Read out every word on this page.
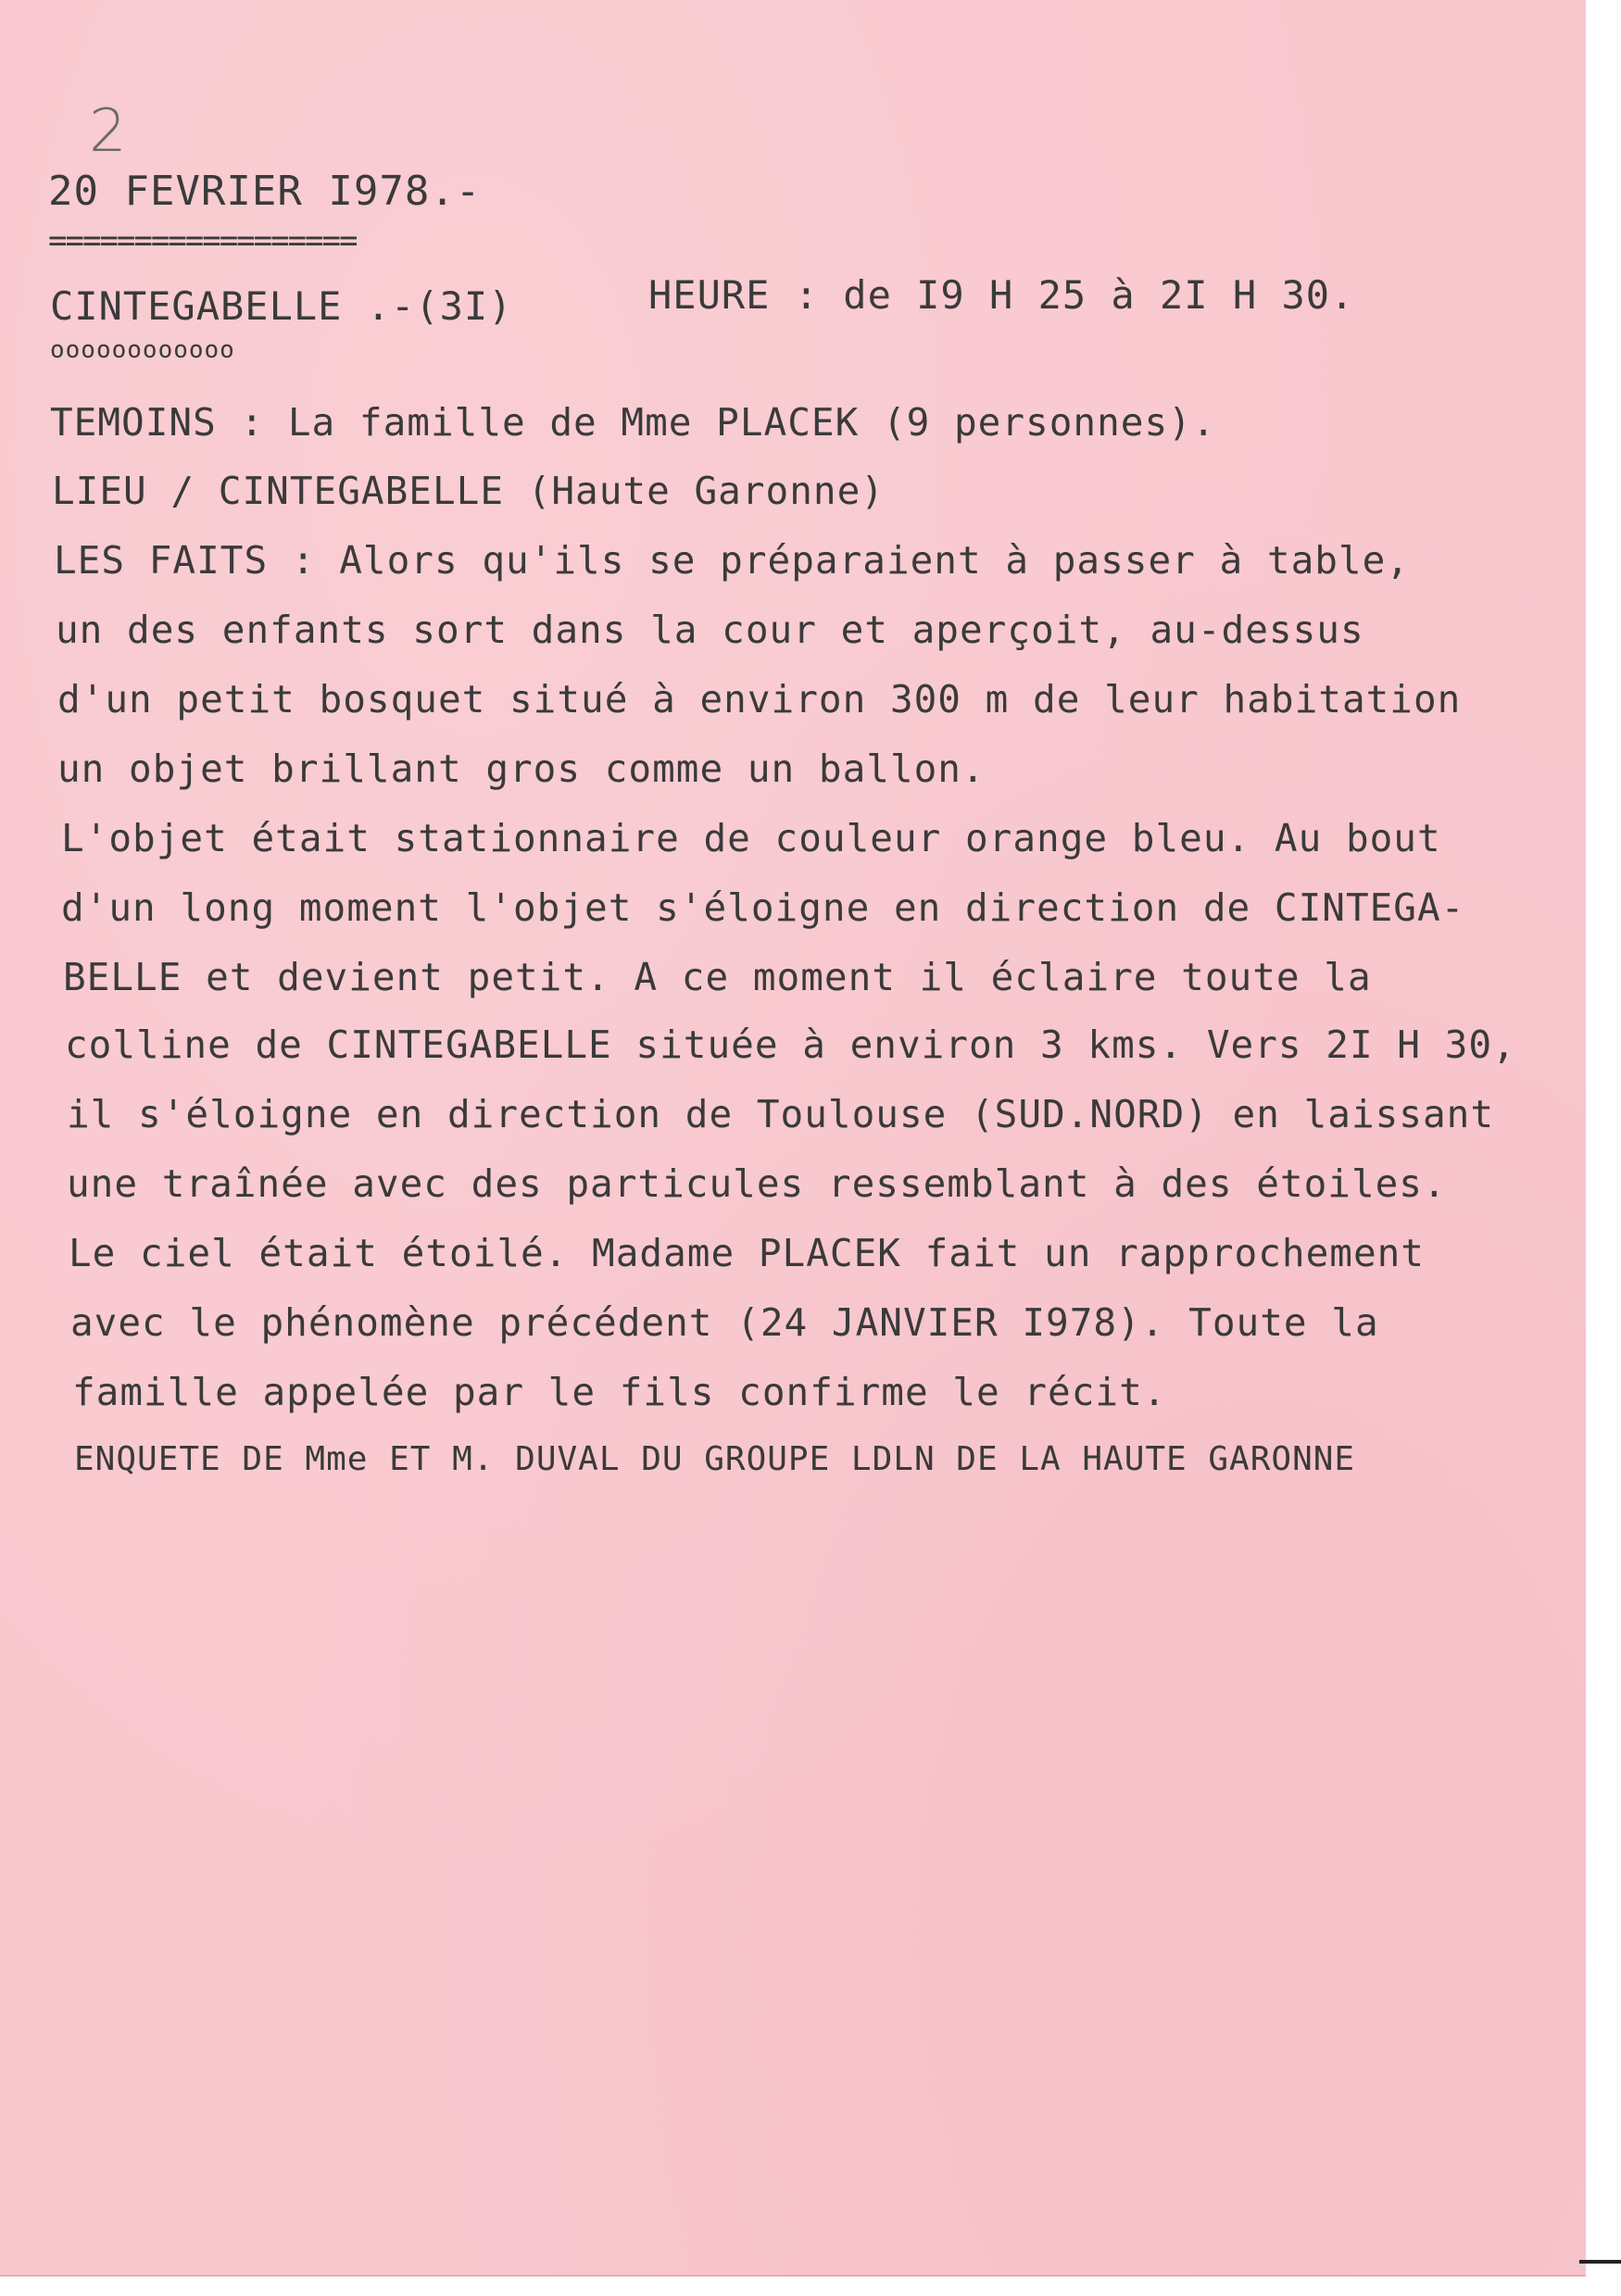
2

20 FEVRIER I978.-

==================

CINTEGABELLE .-(3I)	HEURE : de I9 H 25 à 2I H 30.

oooooooooooo

TEMOINS : La famille de Mme PLACEK (9 personnes).

LIEU / CINTEGABELLE (Haute Garonne)

LES FAITS : Alors qu'ils se préparaient à passer à table,

un des enfants sort dans la cour et aperçoit, au-dessus

d'un petit bosquet situé à environ 300 m de leur habitation

un objet brillant gros comme un ballon.

L'objet était stationnaire de couleur orange bleu. Au bout

d'un long moment l'objet s'éloigne en direction de CINTEGA-

BELLE et devient petit. A ce moment il éclaire toute la

colline de CINTEGABELLE située à environ 3 kms. Vers 2I H 30,

il s'éloigne en direction de Toulouse (SUD.NORD) en laissant

une traînée avec des particules ressemblant à des étoiles.

Le ciel était étoilé. Madame PLACEK fait un rapprochement

avec le phénomène précédent (24 JANVIER I978). Toute la

famille appelée par le fils confirme le récit.

ENQUETE DE Mme ET M. DUVAL DU GROUPE LDLN DE LA HAUTE GARONNE
